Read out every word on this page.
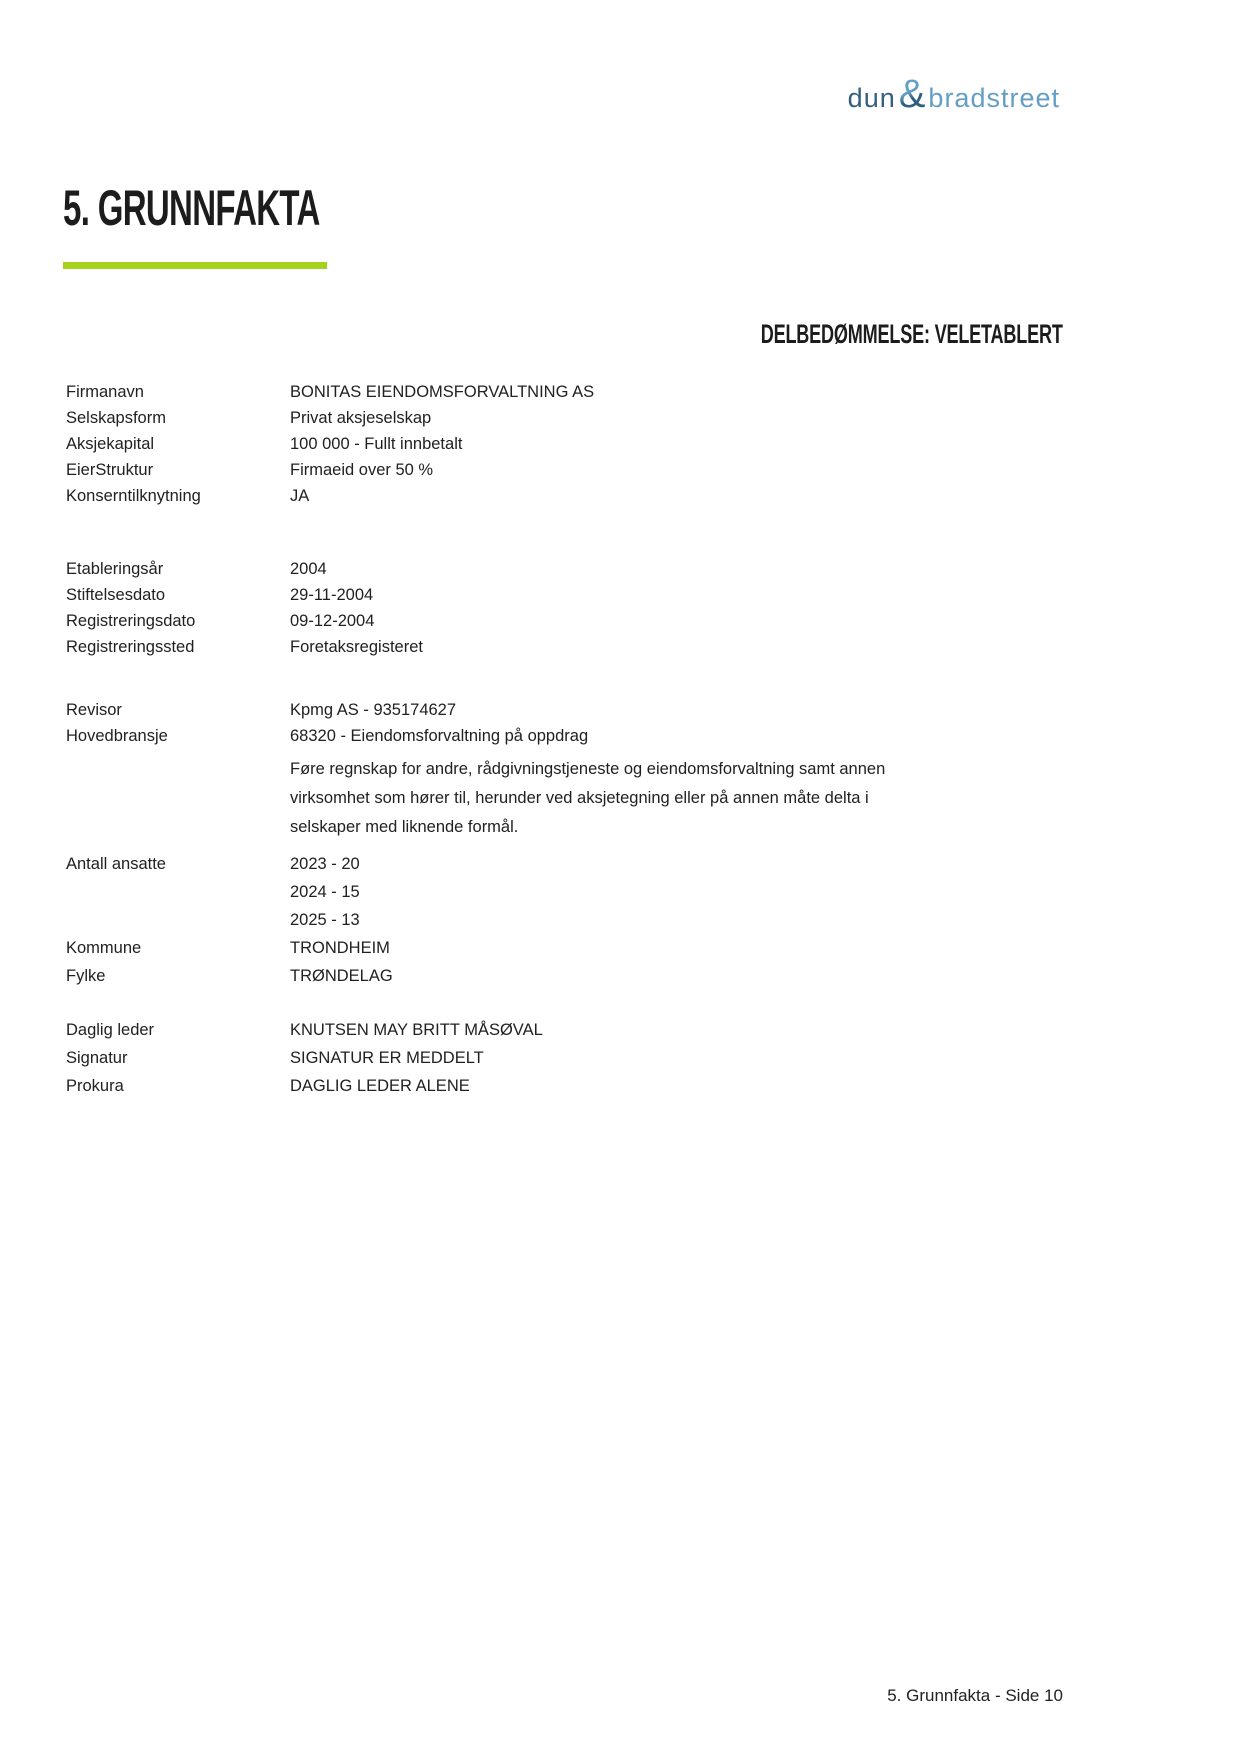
dun & bradstreet
5. GRUNNFAKTA
DELBEDØMMELSE: VELETABLERT
Firmanavn	BONITAS EIENDOMSFORVALTNING AS
Selskapsform	Privat aksjeselskap
Aksjekapital	100 000 - Fullt innbetalt
EierStruktur	Firmaeid over 50 %
Konserntilknytning	JA
Etableringsår	2004
Stiftelsesdato	29-11-2004
Registreringsdato	09-12-2004
Registreringssted	Foretaksregisteret
Revisor	Kpmg AS - 935174627
Hovedbransje	68320 - Eiendomsforvaltning på oppdrag
Føre regnskap for andre, rådgivningstjeneste og eiendomsforvaltning samt annen
virksomhet som hører til, herunder ved aksjetegning eller på annen måte delta i
selskaper med liknende formål.
Antall ansatte	2023 - 20
2024 - 15
2025 - 13
Kommune	TRONDHEIM
Fylke	TRØNDELAG
Daglig leder	KNUTSEN MAY BRITT MÅSØVAL
Signatur	SIGNATUR ER MEDDELT
Prokura	DAGLIG LEDER ALENE
5. Grunnfakta - Side 10
